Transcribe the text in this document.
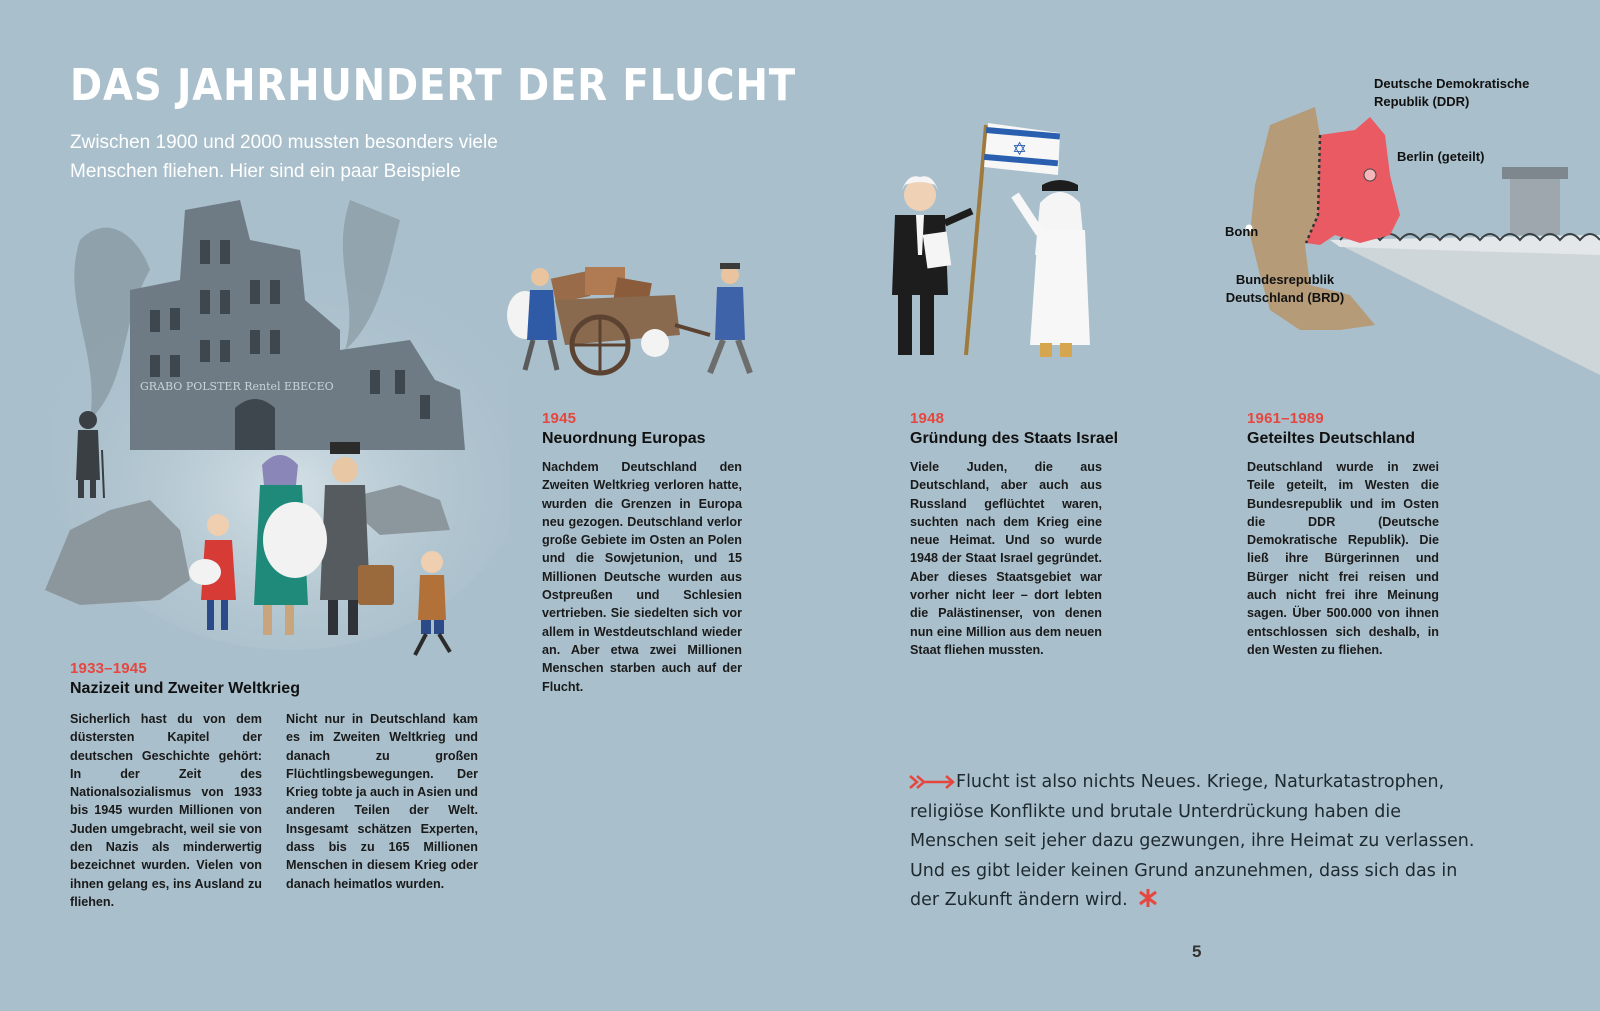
DAS JAHRHUNDERT DER FLUCHT
Zwischen 1900 und 2000 mussten besonders viele Menschen fliehen. Hier sind ein paar Beispiele
GRABO POLSTER Rentel EBECEO
✡
Deutsche Demokratische
Republik (DDR)
Berlin (geteilt)
Bonn
Bundesrepublik
Deutschland (BRD)
1933–1945
Nazizeit und Zweiter Weltkrieg
Sicherlich hast du von dem düstersten Kapitel der deutschen Geschichte gehört: In der Zeit des Nationalsozialismus von 1933 bis 1945 wurden Millionen von Juden umgebracht, weil sie von den Nazis als minderwertig bezeichnet wurden. Vielen von ihnen gelang es, ins Ausland zu fliehen.
Nicht nur in Deutschland kam es im Zweiten Weltkrieg und danach zu großen Flüchtlingsbewegungen. Der Krieg tobte ja auch in Asien und anderen Teilen der Welt. Insgesamt schätzen Experten, dass bis zu 165 Millionen Menschen in diesem Krieg oder danach heimatlos wurden.
1945
Neuordnung Europas
Nachdem Deutschland den Zweiten Weltkrieg verloren hatte, wurden die Grenzen in Europa neu gezogen. Deutschland verlor große Gebiete im Osten an Polen und die Sowjetunion, und 15 Millionen Deutsche wurden aus Ostpreußen und Schlesien vertrieben. Sie siedelten sich vor allem in Westdeutschland wieder an. Aber etwa zwei Millionen Menschen starben auch auf der Flucht.
1948
Gründung des Staats Israel
Viele Juden, die aus Deutschland, aber auch aus Russland geflüchtet waren, suchten nach dem Krieg eine neue Heimat. Und so wurde 1948 der Staat Israel gegründet. Aber dieses Staatsgebiet war vorher nicht leer – dort lebten die Palästinenser, von denen nun eine Million aus dem neuen Staat fliehen mussten.
1961–1989
Geteiltes Deutschland
Deutschland wurde in zwei Teile geteilt, im Westen die Bundesrepublik und im Osten die DDR (Deutsche Demokratische Republik). Die ließ ihre Bürgerinnen und Bürger nicht frei reisen und auch nicht frei ihre Meinung sagen. Über 500.000 von ihnen entschlossen sich deshalb, in den Westen zu fliehen.
Flucht ist also nichts Neues. Kriege, Naturkatastrophen, religiöse Konflikte und brutale Unterdrückung haben die Menschen seit jeher dazu gezwungen, ihre Heimat zu verlassen. Und es gibt leider keinen Grund anzunehmen, dass sich das in der Zukunft ändern wird.
5
